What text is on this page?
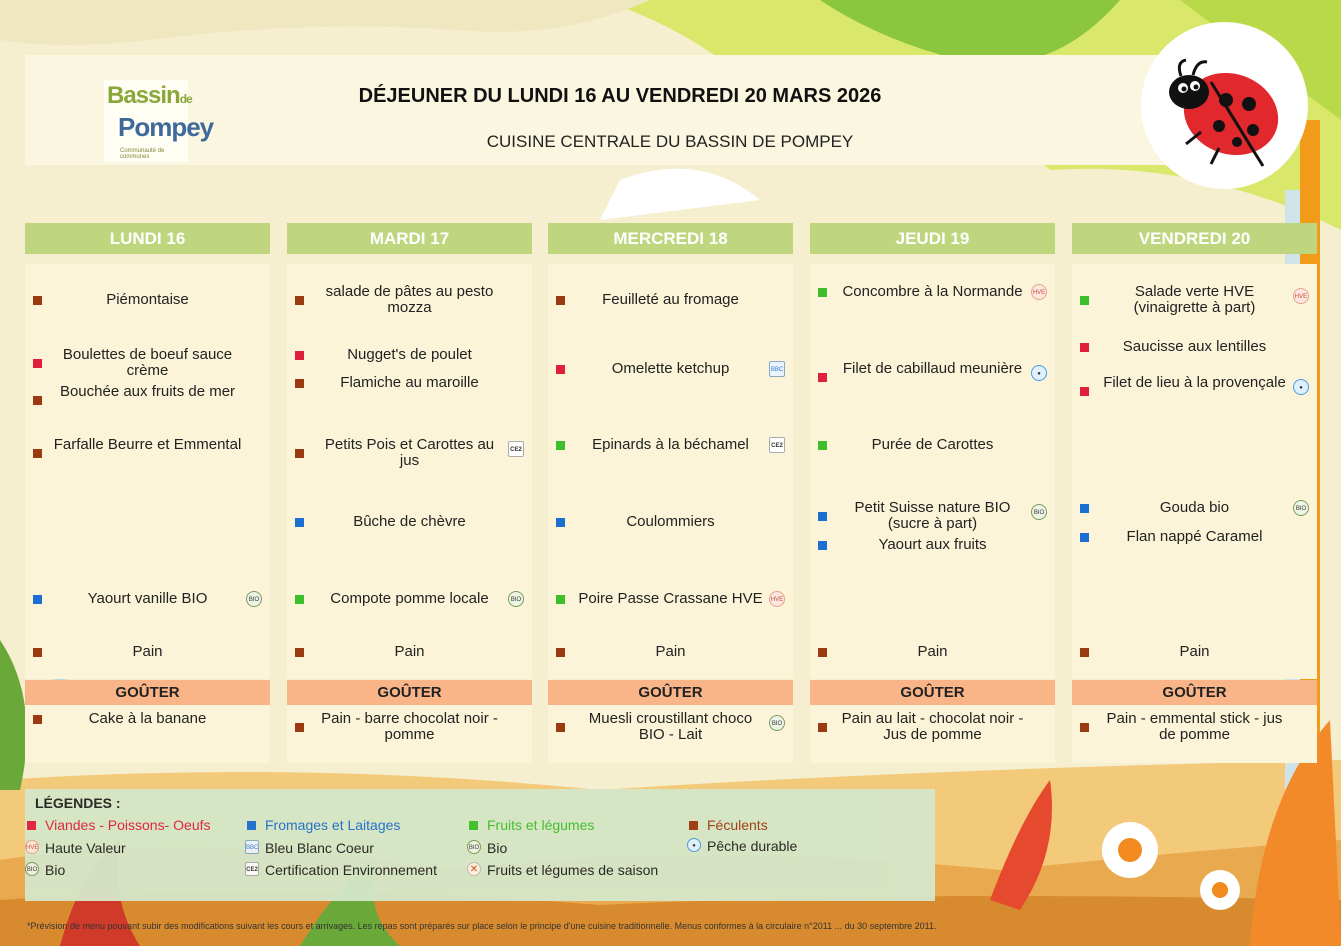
Bassinde
Pompey
Communauté de communes
DÉJEUNER DU LUNDI 16 AU VENDREDI 20 MARS 2026
CUISINE CENTRALE DU BASSIN DE POMPEY
LUNDI 16
Piémontaise
Boulettes de boeuf sauce crème
Bouchée aux fruits de mer
Farfalle Beurre et Emmental
Yaourt vanille BIO	BIO
Pain
GOÛTER
Cake à la banane
MARDI 17
salade de pâtes au pesto mozza
Nugget's de poulet
Flamiche au maroille
Petits Pois et Carottes au jus
CE2
Bûche de chèvre
Compote pomme locale	BIO
Pain
GOÛTER
Pain - barre chocolat noir - pomme
MERCREDI 18
Feuilleté au fromage
Omelette ketchup	BBC
Epinards à la béchamel	CE2
Coulommiers
Poire Passe Crassane HVE	HVE
Pain
GOÛTER
Muesli croustillant choco BIO - Lait
BIO
JEUDI 19
Concombre à la Normande	HVE
Filet de cabillaud meunière	●
Purée de Carottes
Petit Suisse nature BIO (sucre à part)
BIO
Yaourt aux fruits
Pain
GOÛTER
Pain au lait - chocolat noir - Jus de pomme
VENDREDI 20
Salade verte HVE (vinaigrette à part)
HVE
Saucisse aux lentilles
Filet de lieu à la provençale	●
Gouda bio	BIO
Flan nappé Caramel
Pain
GOÛTER
Pain - emmental stick - jus de pomme
LÉGENDES :
Viandes - Poissons- Oeufs	Fromages et Laitages	Fruits et légumes	Féculents
HVE Haute Valeur	BBC Bleu Blanc Coeur	BIO Bio	● Pêche durable
BIO Bio	CE2 Certification Environnement	✕ Fruits et légumes de saison
*Prévision de menu pouvant subir des modifications suivant les cours et arrivages. Les repas sont préparés sur place selon le principe d'une cuisine traditionnelle. Menus conformes à la circulaire n°2011 ... du 30 septembre 2011.
